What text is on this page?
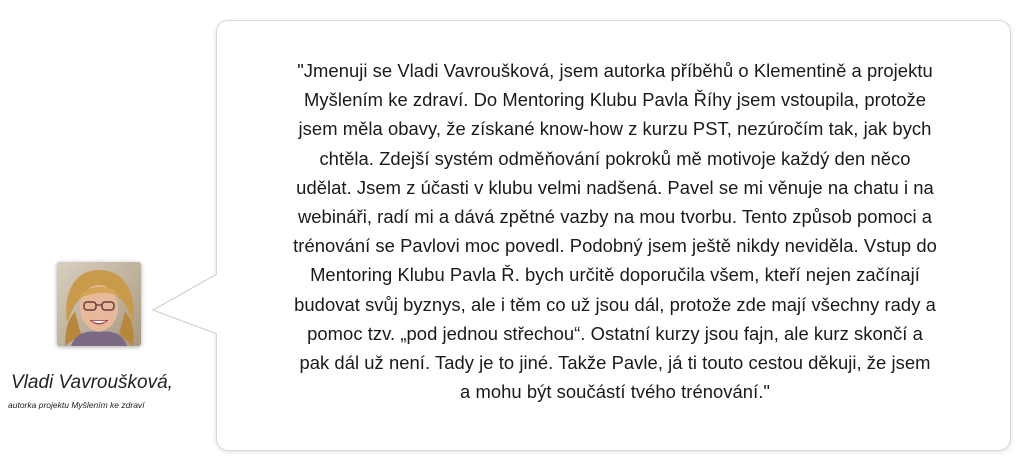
"Jmenuji se Vladi Vavroušková, jsem autorka příběhů o Klementině a projektu
Myšlením ke zdraví. Do Mentoring Klubu Pavla Říhy jsem vstoupila, protože
jsem měla obavy, že získané know-how z kurzu PST, nezúročím tak, jak bych
chtěla. Zdejší systém odměňování pokroků mě motivoje každý den něco
udělat. Jsem z účasti v klubu velmi nadšená. Pavel se mi věnuje na chatu i na
webináři, radí mi a dává zpětné vazby na mou tvorbu. Tento způsob pomoci a
trénování se Pavlovi moc povedl. Podobný jsem ještě nikdy neviděla. Vstup do
Mentoring Klubu Pavla Ř. bych určitě doporučila všem, kteří nejen začínají
budovat svůj byznys, ale i těm co už jsou dál, protože zde mají všechny rady a
pomoc tzv. „pod jednou střechou“. Ostatní kurzy jsou fajn, ale kurz skončí a
pak dál už není. Tady je to jiné. Takže Pavle, já ti touto cestou děkuji, že jsem
a mohu být součástí tvého trénování."
Vladi Vavroušková,
autorka projektu Myšlením ke zdraví
